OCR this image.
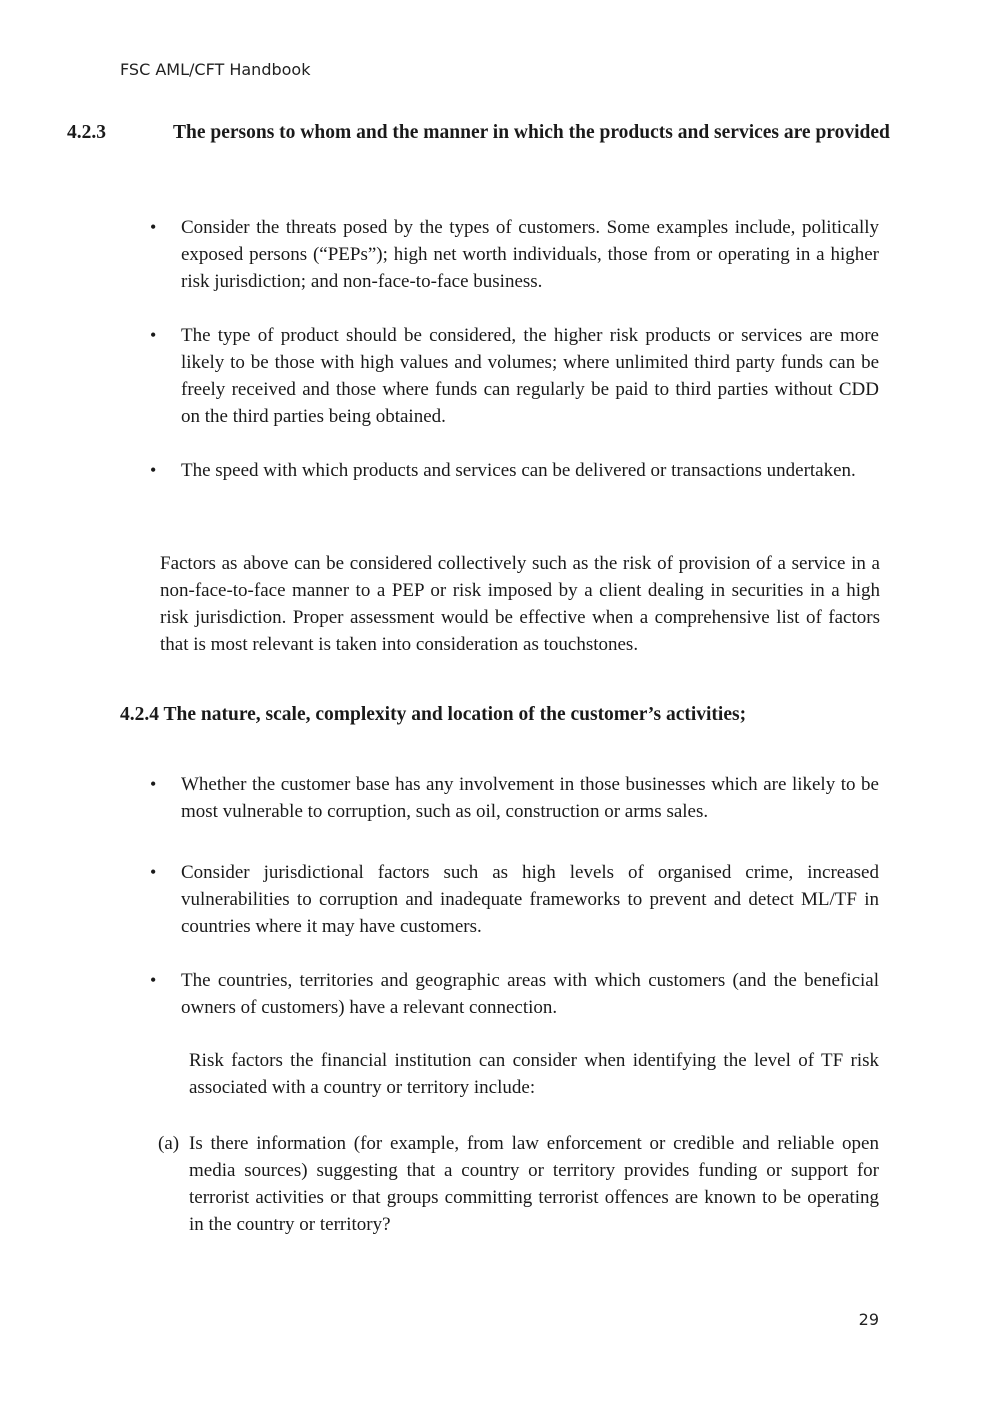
FSC AML/CFT Handbook
4.2.3	The persons to whom and the manner in which the products and services are provided
• Consider the threats posed by the types of customers. Some examples include, politically exposed persons (“PEPs”); high net worth individuals, those from or operating in a higher risk jurisdiction; and non-face-to-face business.
• The type of product should be considered, the higher risk products or services are more likely to be those with high values and volumes; where unlimited third party funds can be freely received and those where funds can regularly be paid to third parties without CDD on the third parties being obtained.
• The speed with which products and services can be delivered or transactions undertaken.
Factors as above can be considered collectively such as the risk of provision of a service in a non-face-to-face manner to a PEP or risk imposed by a client dealing in securities in a high risk jurisdiction. Proper assessment would be effective when a comprehensive list of factors that is most relevant is taken into consideration as touchstones.
4.2.4 The nature, scale, complexity and location of the customer’s activities;
• Whether the customer base has any involvement in those businesses which are likely to be most vulnerable to corruption, such as oil, construction or arms sales.
• Consider jurisdictional factors such as high levels of organised crime, increased vulnerabilities to corruption and inadequate frameworks to prevent and detect ML/TF in countries where it may have customers.
• The countries, territories and geographic areas with which customers (and the beneficial owners of customers) have a relevant connection.
Risk factors the financial institution can consider when identifying the level of TF risk associated with a country or territory include:
(a) Is there information (for example, from law enforcement or credible and reliable open media sources) suggesting that a country or territory provides funding or support for terrorist activities or that groups committing terrorist offences are known to be operating in the country or territory?
29
